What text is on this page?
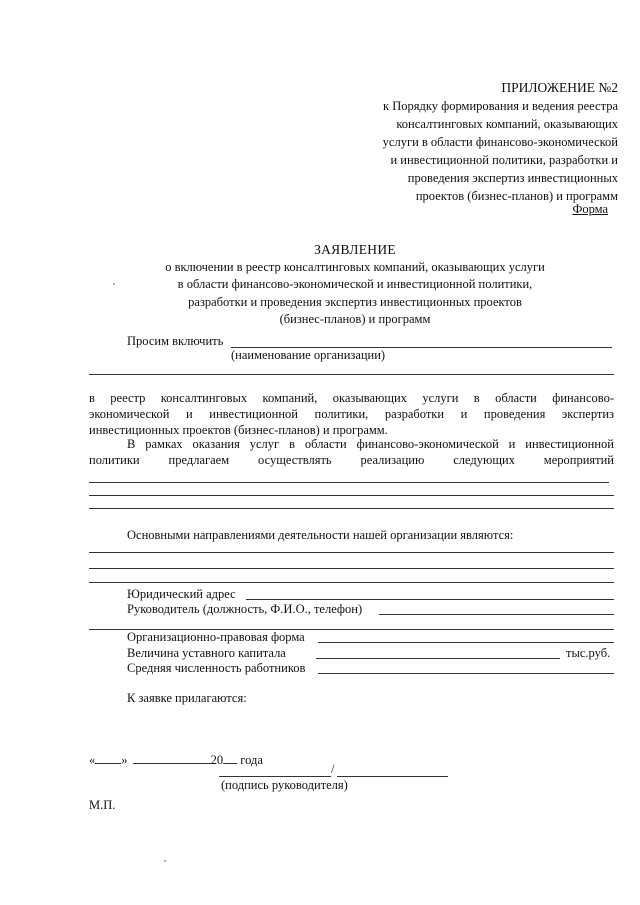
ПРИЛОЖЕНИЕ №2
к Порядку формирования и ведения реестра
консалтинговых компаний, оказывающих
услуги в области финансово-экономической
и инвестиционной политики, разработки и
проведения экспертиз инвестиционных
проектов (бизнес-планов) и программ
Форма
ЗАЯВЛЕНИЕ
о включении в реестр консалтинговых компаний, оказывающих услуги
в области финансово-экономической и инвестиционной политики,
разработки и проведения экспертиз инвестиционных проектов
(бизнес-планов) и программ
Просим включить
(наименование организации)
в реестр консалтинговых компаний, оказывающих услуги в области финансово-
экономической и инвестиционной политики, разработки и проведения экспертиз
инвестиционных проектов (бизнес-планов) и программ.
В рамках оказания услуг в области финансово-экономической и инвестиционной
политики предлагаем осуществлять реализацию следующих мероприятий
Основными направлениями деятельности нашей организации являются:
Юридический адрес
Руководитель (должность, Ф.И.О., телефон)
Организационно-правовая форма
Величина уставного капитала	тыс.руб.
Средняя численность работников
К заявке прилагаются:
« »	20 года
/
(подпись руководителя)
М.П.
